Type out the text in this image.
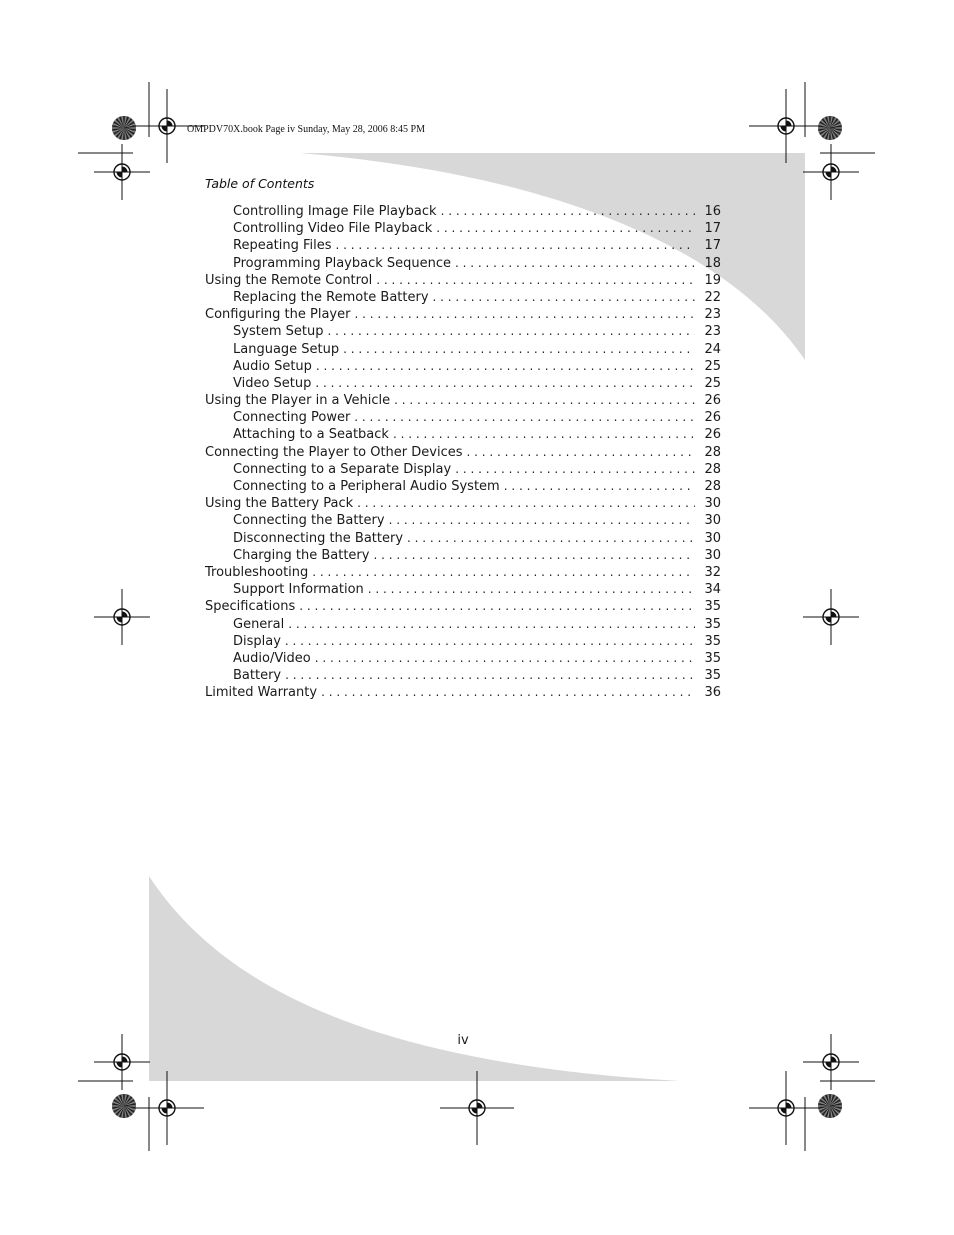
OMPDV70X.book Page iv Sunday, May 28, 2006 8:45 PM
Table of Contents
Controlling Image File Playback . . .	16
Controlling Video File Playback . . .	17
Repeating Files . . .	17
Programming Playback Sequence . . .	18
Using the Remote Control . . .	19
Replacing the Remote Battery . . .	22
Configuring the Player . . .	23
System Setup . . .	23
Language Setup . . .	24
Audio Setup . . .	25
Video Setup . . .	25
Using the Player in a Vehicle . . .	26
Connecting Power . . .	26
Attaching to a Seatback . . .	26
Connecting the Player to Other Devices . . .	28
Connecting to a Separate Display . . .	28
Connecting to a Peripheral Audio System . . .	28
Using the Battery Pack . . .	30
Connecting the Battery . . .	30
Disconnecting the Battery . . .	30
Charging the Battery . . .	30
Troubleshooting . . .	32
Support Information . . .	34
Specifications . . .	35
General . . .	35
Display . . .	35
Audio/Video . . .	35
Battery . . .	35
Limited Warranty . . .	36
iv
